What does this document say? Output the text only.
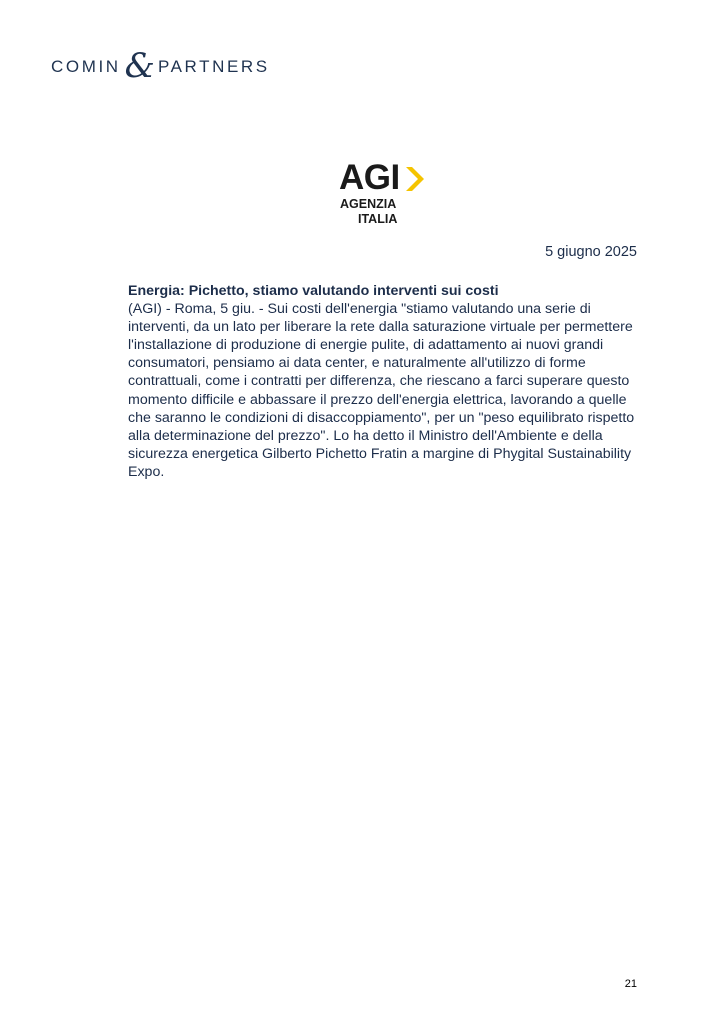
COMIN & PARTNERS
AGI
AGENZIA
ITALIA
5 giugno 2025

Energia: Pichetto, stiamo valutando interventi sui costi

(AGI) - Roma, 5 giu. - Sui costi dell'energia "stiamo valutando una serie di interventi, da un lato per liberare la rete dalla saturazione virtuale per permettere l'installazione di produzione di energie pulite, di adattamento ai nuovi grandi consumatori, pensiamo ai data center, e naturalmente all'utilizzo di forme contrattuali, come i contratti per differenza, che riescano a farci superare questo momento difficile e abbassare il prezzo dell'energia elettrica, lavorando a quelle che saranno le condizioni di disaccoppiamento", per un "peso equilibrato rispetto alla determinazione del prezzo". Lo ha detto il Ministro dell'Ambiente e della sicurezza energetica Gilberto Pichetto Fratin a margine di Phygital Sustainability Expo.

21
